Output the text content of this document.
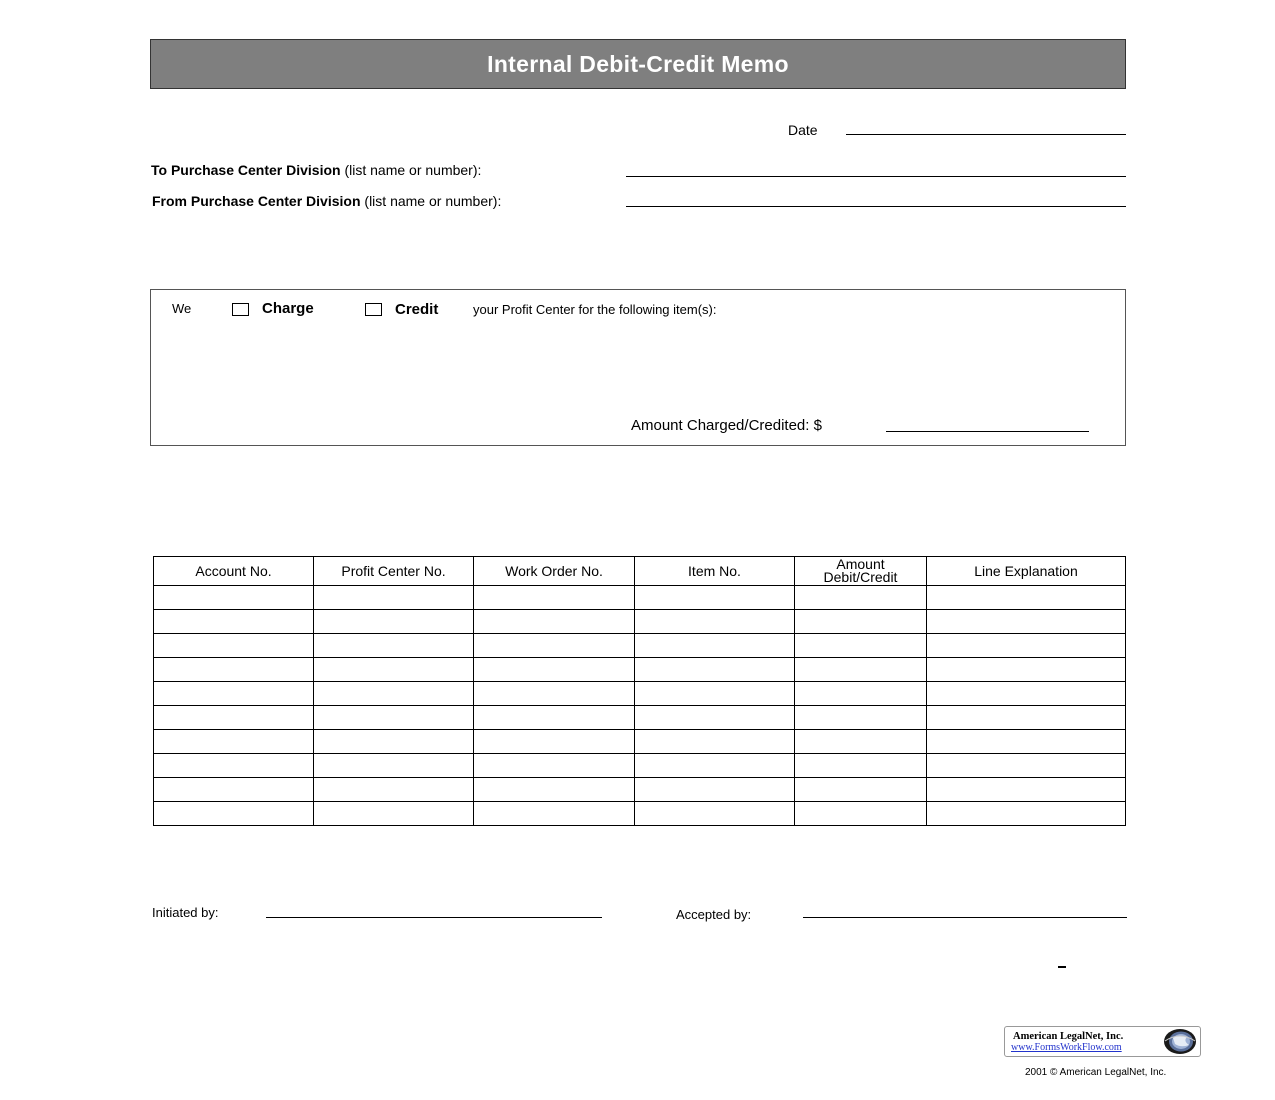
Internal Debit-Credit Memo
Date
To Purchase Center Division (list name or number):
From Purchase Center Division (list name or number):
We	Charge	Credit	your Profit Center for the following item(s):
Amount Charged/Credited: $
Account No.	Profit Center No.	Work Order No.	Item No.	Amount Debit/Credit	Line Explanation

Initiated by:	Accepted by:
American LegalNet, Inc.
www.FormsWorkFlow.com
2001 © American LegalNet, Inc.
